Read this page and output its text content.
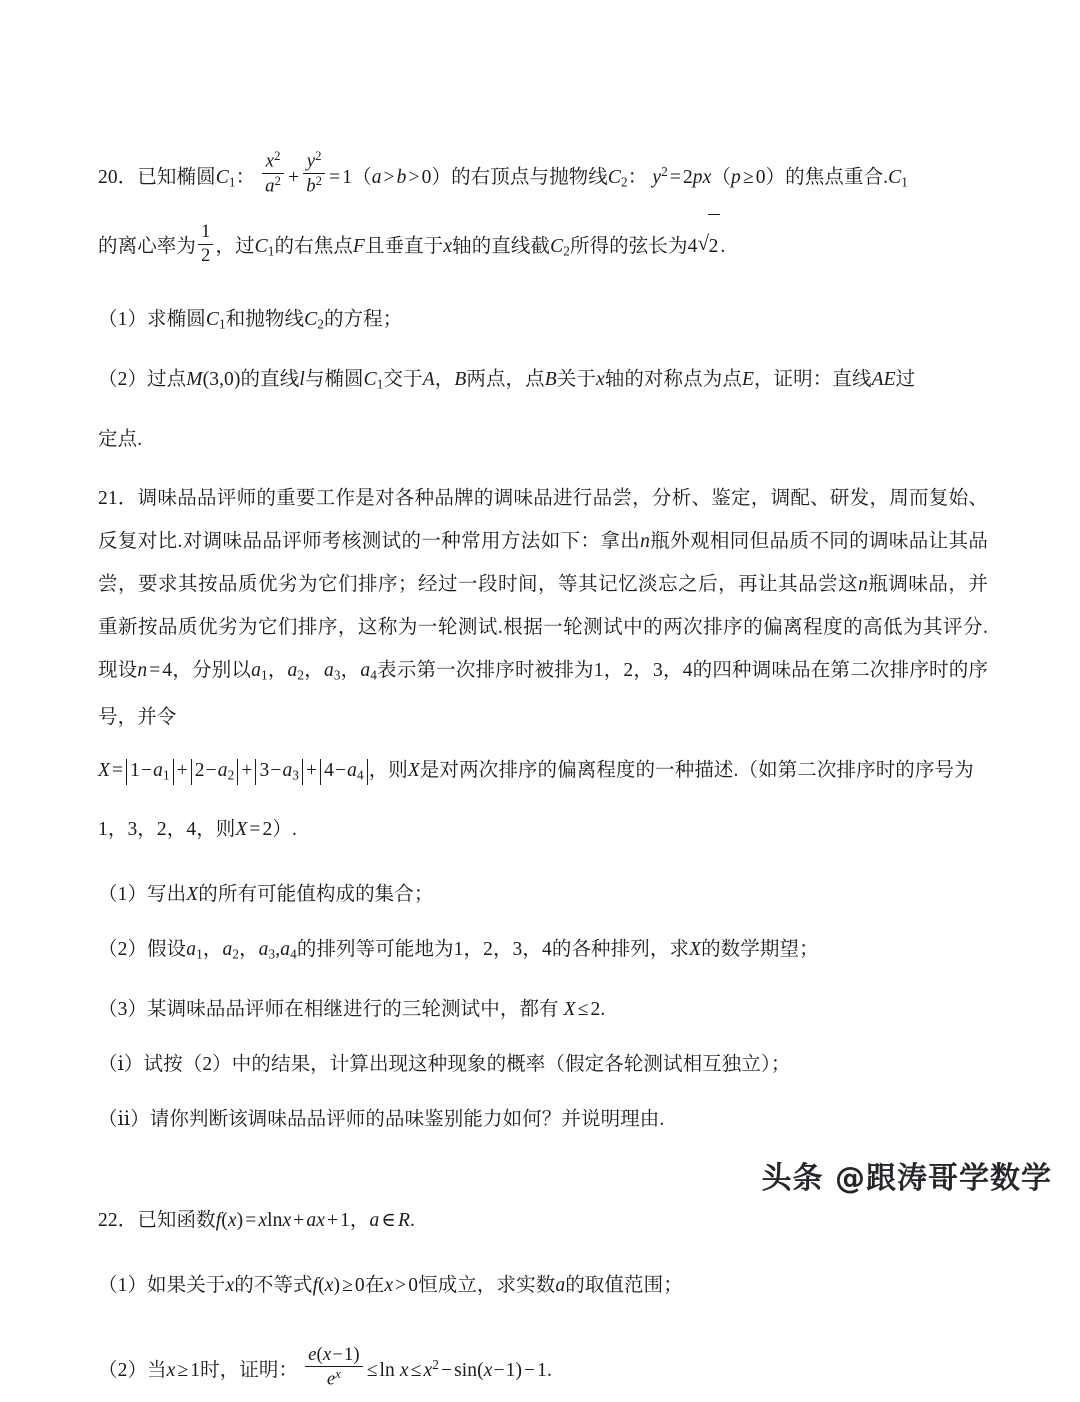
20．已知椭圆$C_1$： $\frac{x^2}{a^2} + \frac{y^2}{b^2} = 1(a > b > 0)$的右顶点与抛物线$C_2$： $y^2 = 2px(p \ge 0)$的焦点重合$.C_1$

的离心率为 $\frac{1}{2}$ ，过$C_1$的右焦点F且垂直于x轴的直线截$C_2$所得的弦长为4 √ 2 .

（1）求椭圆$C_1$和抛物线$C_2$的方程；

（2）过点M(3,0)的直线l与椭圆$C_1$交于A，B两点，点B关于x轴的对称点为点E，证明：直线AE过

定点.

21．调味品品评师的重要工作是对各种品牌的调味品进行品尝，分析、鉴定，调配、研发，周而复始、反复对比.对调味品品评师考核测试的一种常用方法如下：拿出n瓶外观相同但品质不同的调味品让其品尝，要求其按品质优劣为它们排序；经过一段时间，等其记忆淡忘之后，再让其品尝这n瓶调味品，并重新按品质优劣为它们排序，这称为一轮测试.根据一轮测试中的两次排序的偏离程度的高低为其评分.现设n = 4，分别以$a_1$，$a_2$，$a_3$，$a_4$表示第一次排序时被排为1，2，3，4的四种调味品在第二次排序时的序号，并令

$X = 1-a_1 + 2-a_2 + 3-a_3 + 4-a_4$ ，则X是对两次排序的偏离程度的一种描述.（如第二次排序时的序号为

1，3，2，4，则X = 2）.

（1）写出X的所有可能值构成的集合；

（2）假设$a_1$，$a_2$，$a_3,a_4$的排列等可能地为1，2，3，4的各种排列，求X的数学期望；

（3）某调味品品评师在相继进行的三轮测试中，都有 X ≤ 2.

（ⅰ）试按（2）中的结果，计算出现这种现象的概率（假定各轮测试相互独立）；

（ⅱ）请你判断该调味品品评师的品味鉴别能力如何？并说明理由.

22．已知函数f(x) = xlnx + ax + 1，a ∈ R.

（1）如果关于x的不等式f(x) ≥ 0在x > 0恒成立，求实数a的取值范围；

（2）当x ≥ 1时，证明： $\frac{e(x-1)}{e^x} \le \ln x \le x^2 - \sin(x-1) - 1$.

头条 @跟涛哥学数学
